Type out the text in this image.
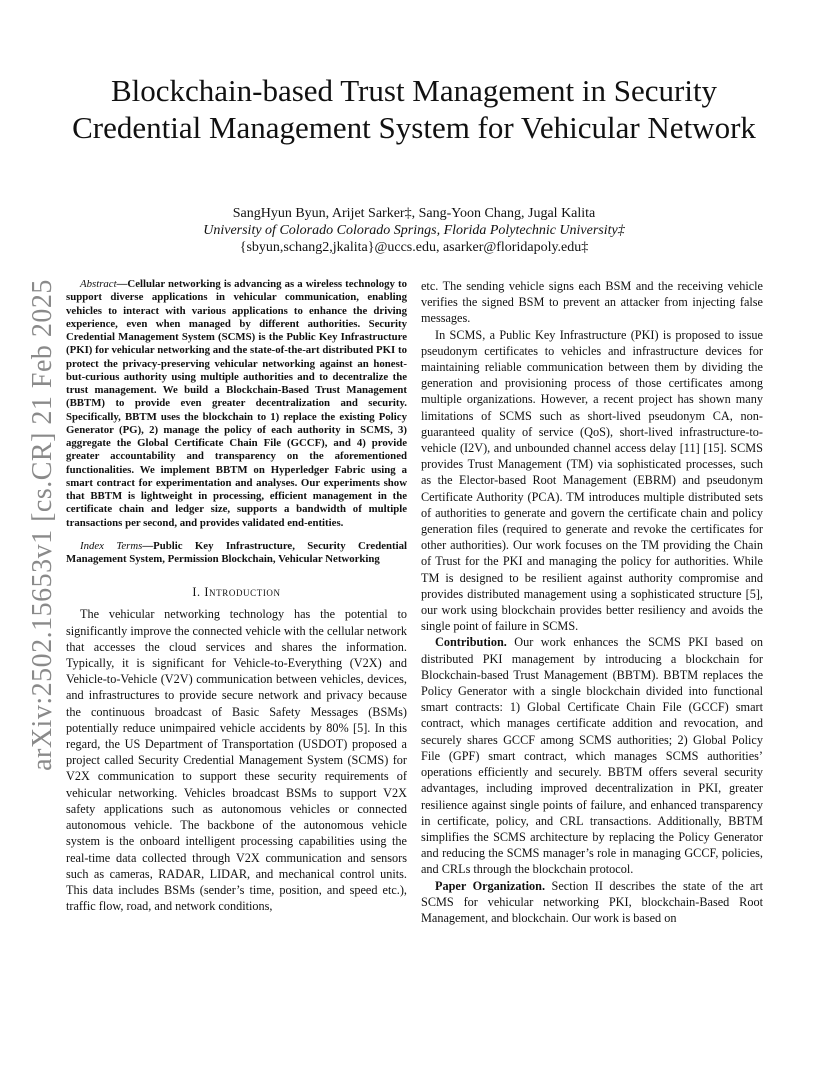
arXiv:2502.15653v1 [cs.CR] 21 Feb 2025
Blockchain-based Trust Management in Security Credential Management System for Vehicular Network
SangHyun Byun, Arijet Sarker‡, Sang-Yoon Chang, Jugal Kalita
University of Colorado Colorado Springs, Florida Polytechnic University‡
{sbyun,schang2,jkalita}@uccs.edu, asarker@floridapoly.edu‡

Abstract—Cellular networking is advancing as a wireless technology to support diverse applications in vehicular communication, enabling vehicles to interact with various applications to enhance the driving experience, even when managed by different authorities. Security Credential Management System (SCMS) is the Public Key Infrastructure (PKI) for vehicular networking and the state-of-the-art distributed PKI to protect the privacy-preserving vehicular networking against an honest-but-curious authority using multiple authorities and to decentralize the trust management. We build a Blockchain-Based Trust Management (BBTM) to provide even greater decentralization and security. Specifically, BBTM uses the blockchain to 1) replace the existing Policy Generator (PG), 2) manage the policy of each authority in SCMS, 3) aggregate the Global Certificate Chain File (GCCF), and 4) provide greater accountability and transparency on the aforementioned functionalities. We implement BBTM on Hyperledger Fabric using a smart contract for experimentation and analyses. Our experiments show that BBTM is lightweight in processing, efficient management in the certificate chain and ledger size, supports a bandwidth of multiple transactions per second, and provides validated end-entities.

Index Terms—Public Key Infrastructure, Security Credential Management System, Permission Blockchain, Vehicular Networking

I. Introduction

The vehicular networking technology has the potential to significantly improve the connected vehicle with the cellular network that accesses the cloud services and shares the information. Typically, it is significant for Vehicle-to-Everything (V2X) and Vehicle-to-Vehicle (V2V) communication between vehicles, devices, and infrastructures to provide secure network and privacy because the continuous broadcast of Basic Safety Messages (BSMs) potentially reduce unimpaired vehicle accidents by 80% [5]. In this regard, the US Department of Transportation (USDOT) proposed a project called Security Credential Management System (SCMS) for V2X communication to support these security requirements of vehicular networking. Vehicles broadcast BSMs to support V2X safety applications such as autonomous vehicles or connected autonomous vehicle. The backbone of the autonomous vehicle system is the onboard intelligent processing capabilities using the real-time data collected through V2X communication and sensors such as cameras, RADAR, LIDAR, and mechanical control units. This data includes BSMs (sender’s time, position, and speed etc.), traffic flow, road, and network conditions,

etc. The sending vehicle signs each BSM and the receiving vehicle verifies the signed BSM to prevent an attacker from injecting false messages.

In SCMS, a Public Key Infrastructure (PKI) is proposed to issue pseudonym certificates to vehicles and infrastructure devices for maintaining reliable communication between them by dividing the generation and provisioning process of those certificates among multiple organizations. However, a recent project has shown many limitations of SCMS such as short-lived pseudonym CA, non-guaranteed quality of service (QoS), short-lived infrastructure-to-vehicle (I2V), and unbounded channel access delay [11] [15]. SCMS provides Trust Management (TM) via sophisticated processes, such as the Elector-based Root Management (EBRM) and pseudonym Certificate Authority (PCA). TM introduces multiple distributed sets of authorities to generate and govern the certificate chain and policy generation files (required to generate and revoke the certificates for other authorities). Our work focuses on the TM providing the Chain of Trust for the PKI and managing the policy for authorities. While TM is designed to be resilient against authority compromise and provides distributed management using a sophisticated structure [5], our work using blockchain provides better resiliency and avoids the single point of failure in SCMS.

Contribution. Our work enhances the SCMS PKI based on distributed PKI management by introducing a blockchain for Blockchain-based Trust Management (BBTM). BBTM replaces the Policy Generator with a single blockchain divided into functional smart contracts: 1) Global Certificate Chain File (GCCF) smart contract, which manages certificate addition and revocation, and securely shares GCCF among SCMS authorities; 2) Global Policy File (GPF) smart contract, which manages SCMS authorities’ operations efficiently and securely. BBTM offers several security advantages, including improved decentralization in PKI, greater resilience against single points of failure, and enhanced transparency in certificate, policy, and CRL transactions. Additionally, BBTM simplifies the SCMS architecture by replacing the Policy Generator and reducing the SCMS manager’s role in managing GCCF, policies, and CRLs through the blockchain protocol.

Paper Organization. Section II describes the state of the art SCMS for vehicular networking PKI, blockchain-Based Root Management, and blockchain. Our work is based on
